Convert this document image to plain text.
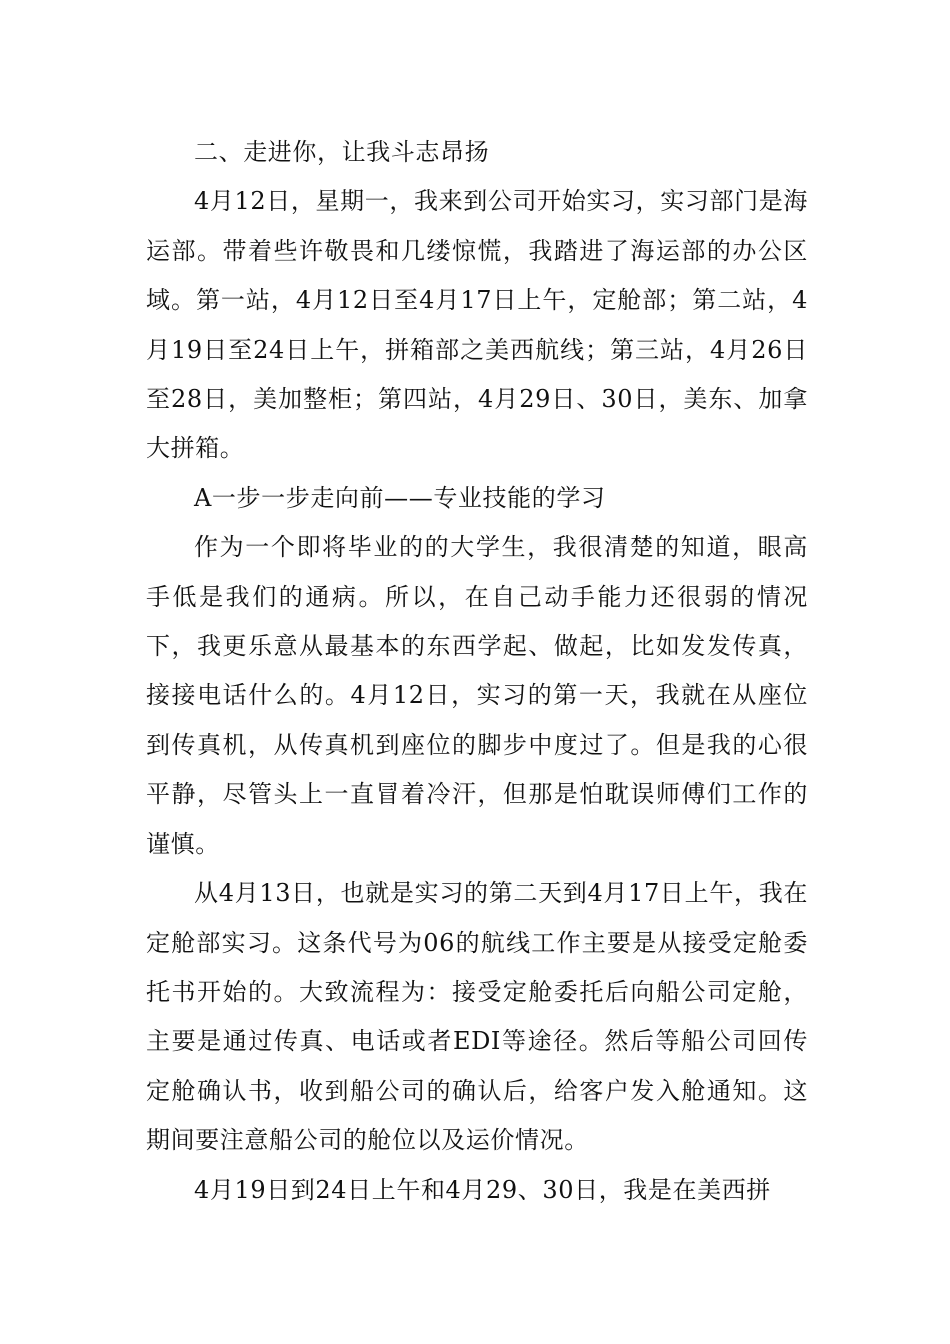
二、走进你，让我斗志昂扬

4月12日，星期一，我来到公司开始实习，实习部门是海运部。带着些许敬畏和几缕惊慌，我踏进了海运部的办公区域。第一站，4月12日至4月17日上午，定舱部；第二站，4月19日至24日上午，拼箱部之美西航线；第三站，4月26日至28日，美加整柜；第四站，4月29日、30日，美东、加拿大拼箱。

A一步一步走向前——专业技能的学习

作为一个即将毕业的的大学生，我很清楚的知道，眼高手低是我们的通病。所以，在自己动手能力还很弱的情况下，我更乐意从最基本的东西学起、做起，比如发发传真，接接电话什么的。4月12日，实习的第一天，我就在从座位到传真机，从传真机到座位的脚步中度过了。但是我的心很平静，尽管头上一直冒着冷汗，但那是怕耽误师傅们工作的谨慎。

从4月13日，也就是实习的第二天到4月17日上午，我在定舱部实习。这条代号为06的航线工作主要是从接受定舱委托书开始的。大致流程为：接受定舱委托后向船公司定舱，主要是通过传真、电话或者EDI等途径。然后等船公司回传定舱确认书，收到船公司的确认后，给客户发入舱通知。这期间要注意船公司的舱位以及运价情况。

4月19日到24日上午和4月29、30日，我是在美西拼
